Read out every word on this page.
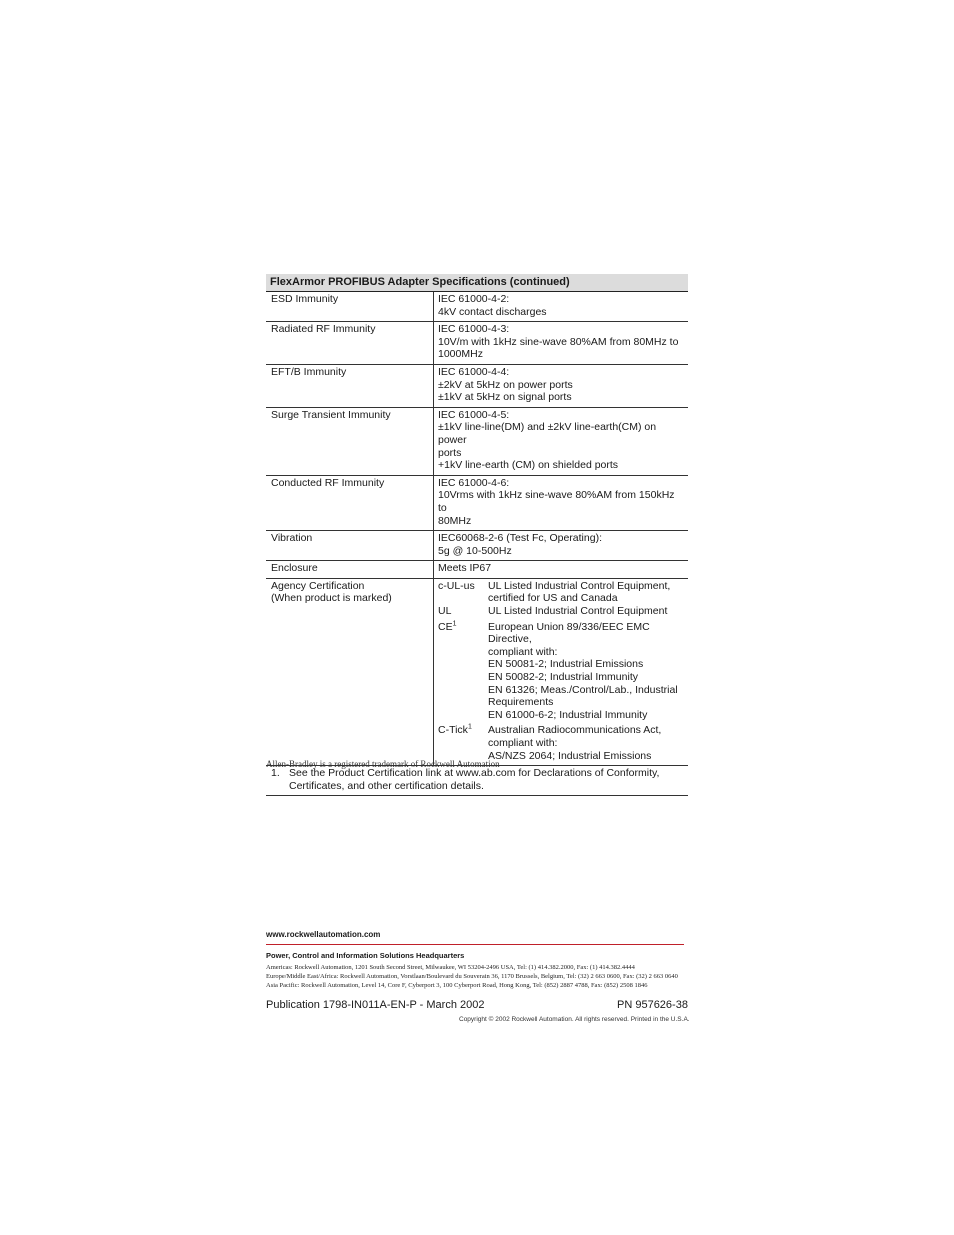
FlexArmor PROFIBUS Adapter Specifications (continued)
ESD Immunity	IEC 61000-4-2:
4kV contact discharges
Radiated RF Immunity	IEC 61000-4-3:
10V/m with 1kHz sine-wave 80%AM from 80MHz to
1000MHz
EFT/B Immunity	IEC 61000-4-4:
±2kV at 5kHz on power ports
±1kV at 5kHz on signal ports
Surge Transient Immunity	IEC 61000-4-5:
±1kV line-line(DM) and ±2kV line-earth(CM) on power
ports
+1kV line-earth (CM) on shielded ports
Conducted RF Immunity	IEC 61000-4-6:
10Vrms with 1kHz sine-wave 80%AM from 150kHz to
80MHz
Vibration	IEC60068-2-6 (Test Fc, Operating):
5g @ 10-500Hz
Enclosure	Meets IP67
Agency Certification
(When product is marked)
c-UL-us	UL Listed Industrial Control Equipment,
certified for US and Canada
UL	UL Listed Industrial Control Equipment
$CE^1$	European Union 89/336/EEC EMC Directive,
compliant with:
EN 50081-2; Industrial Emissions
EN 50082-2; Industrial Immunity
EN 61326; Meas./Control/Lab., Industrial
Requirements
EN 61000-6-2; Industrial Immunity
C-Tick$^1$	Australian Radiocommunications Act,
compliant with:
AS/NZS 2064; Industrial Emissions
1. See the Product Certification link at www.ab.com for Declarations of Conformity,
Certificates, and other certification details.
Allen-Bradley is a registered trademark of Rockwell Automation
www.rockwellautomation.com
Power, Control and Information Solutions Headquarters
Americas: Rockwell Automation, 1201 South Second Street, Milwaukee, WI 53204-2496 USA, Tel: (1) 414.382.2000, Fax: (1) 414.382.4444
Europe/Middle East/Africa: Rockwell Automation, Vorstlaan/Boulevard du Souverain 36, 1170 Brussels, Belgium, Tel: (32) 2 663 0600, Fax: (32) 2 663 0640
Asia Pacific: Rockwell Automation, Level 14, Core F, Cyberport 3, 100 Cyberport Road, Hong Kong, Tel: (852) 2887 4788, Fax: (852) 2508 1846
Publication 1798-IN011A-EN-P - March 2002	PN 957626-38
Copyright © 2002 Rockwell Automation. All rights reserved. Printed in the U.S.A.
